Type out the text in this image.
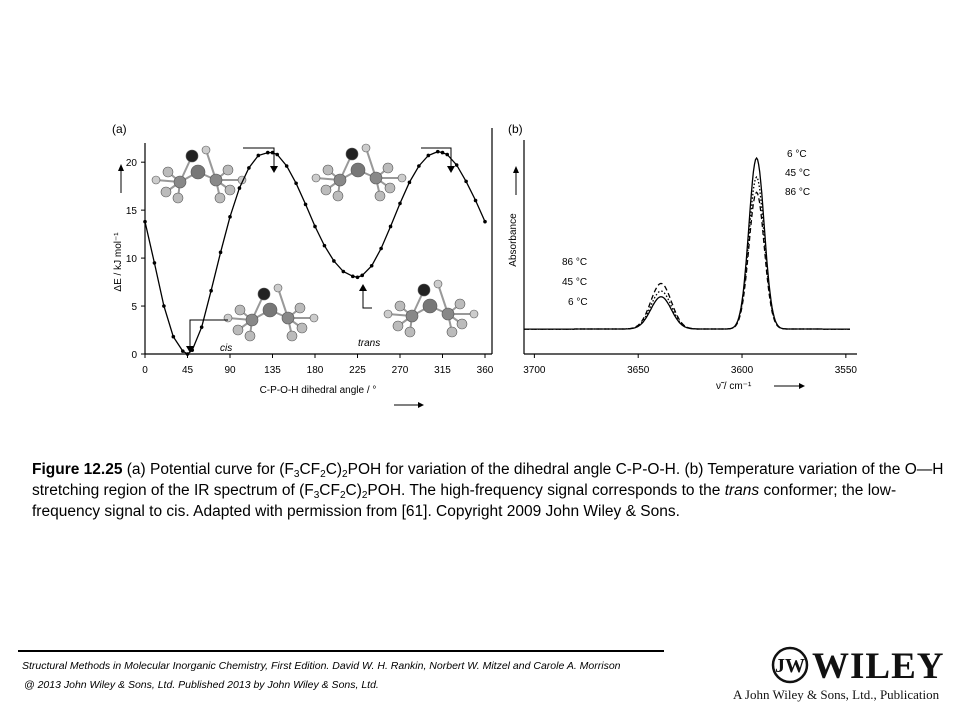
(a)
0	45	90	135	180	225	270	315	360
0
5
10
15
20
cis	trans
C-P-O-H dihedral angle / °
ΔE / kJ mol⁻¹
(b)
3700	3650	3600	3550
6 °C
45 °C
86 °C
86 °C
45 °C
6 °C
Absorbance
ν̃ / cm⁻¹
Figure 12.25 (a) Potential curve for $(F_3CF_2C)_2POH$ for variation of the dihedral angle C-P-O-H. (b) Temperature variation of the O—H stretching region of the IR spectrum of $(F_3CF_2C)_2POH$. The high-frequency signal corresponds to the trans conformer; the low-frequency signal to cis. Adapted with permission from [61]. Copyright 2009 John Wiley & Sons.
Structural Methods in Molecular Inorganic Chemistry, First Edition. David W. H. Rankin, Norbert W. Mitzel and Carole A. Morrison
@ 2013 John Wiley & Sons, Ltd. Published 2013 by John Wiley & Sons, Ltd.
JW WILEY
A John Wiley & Sons, Ltd., Publication
